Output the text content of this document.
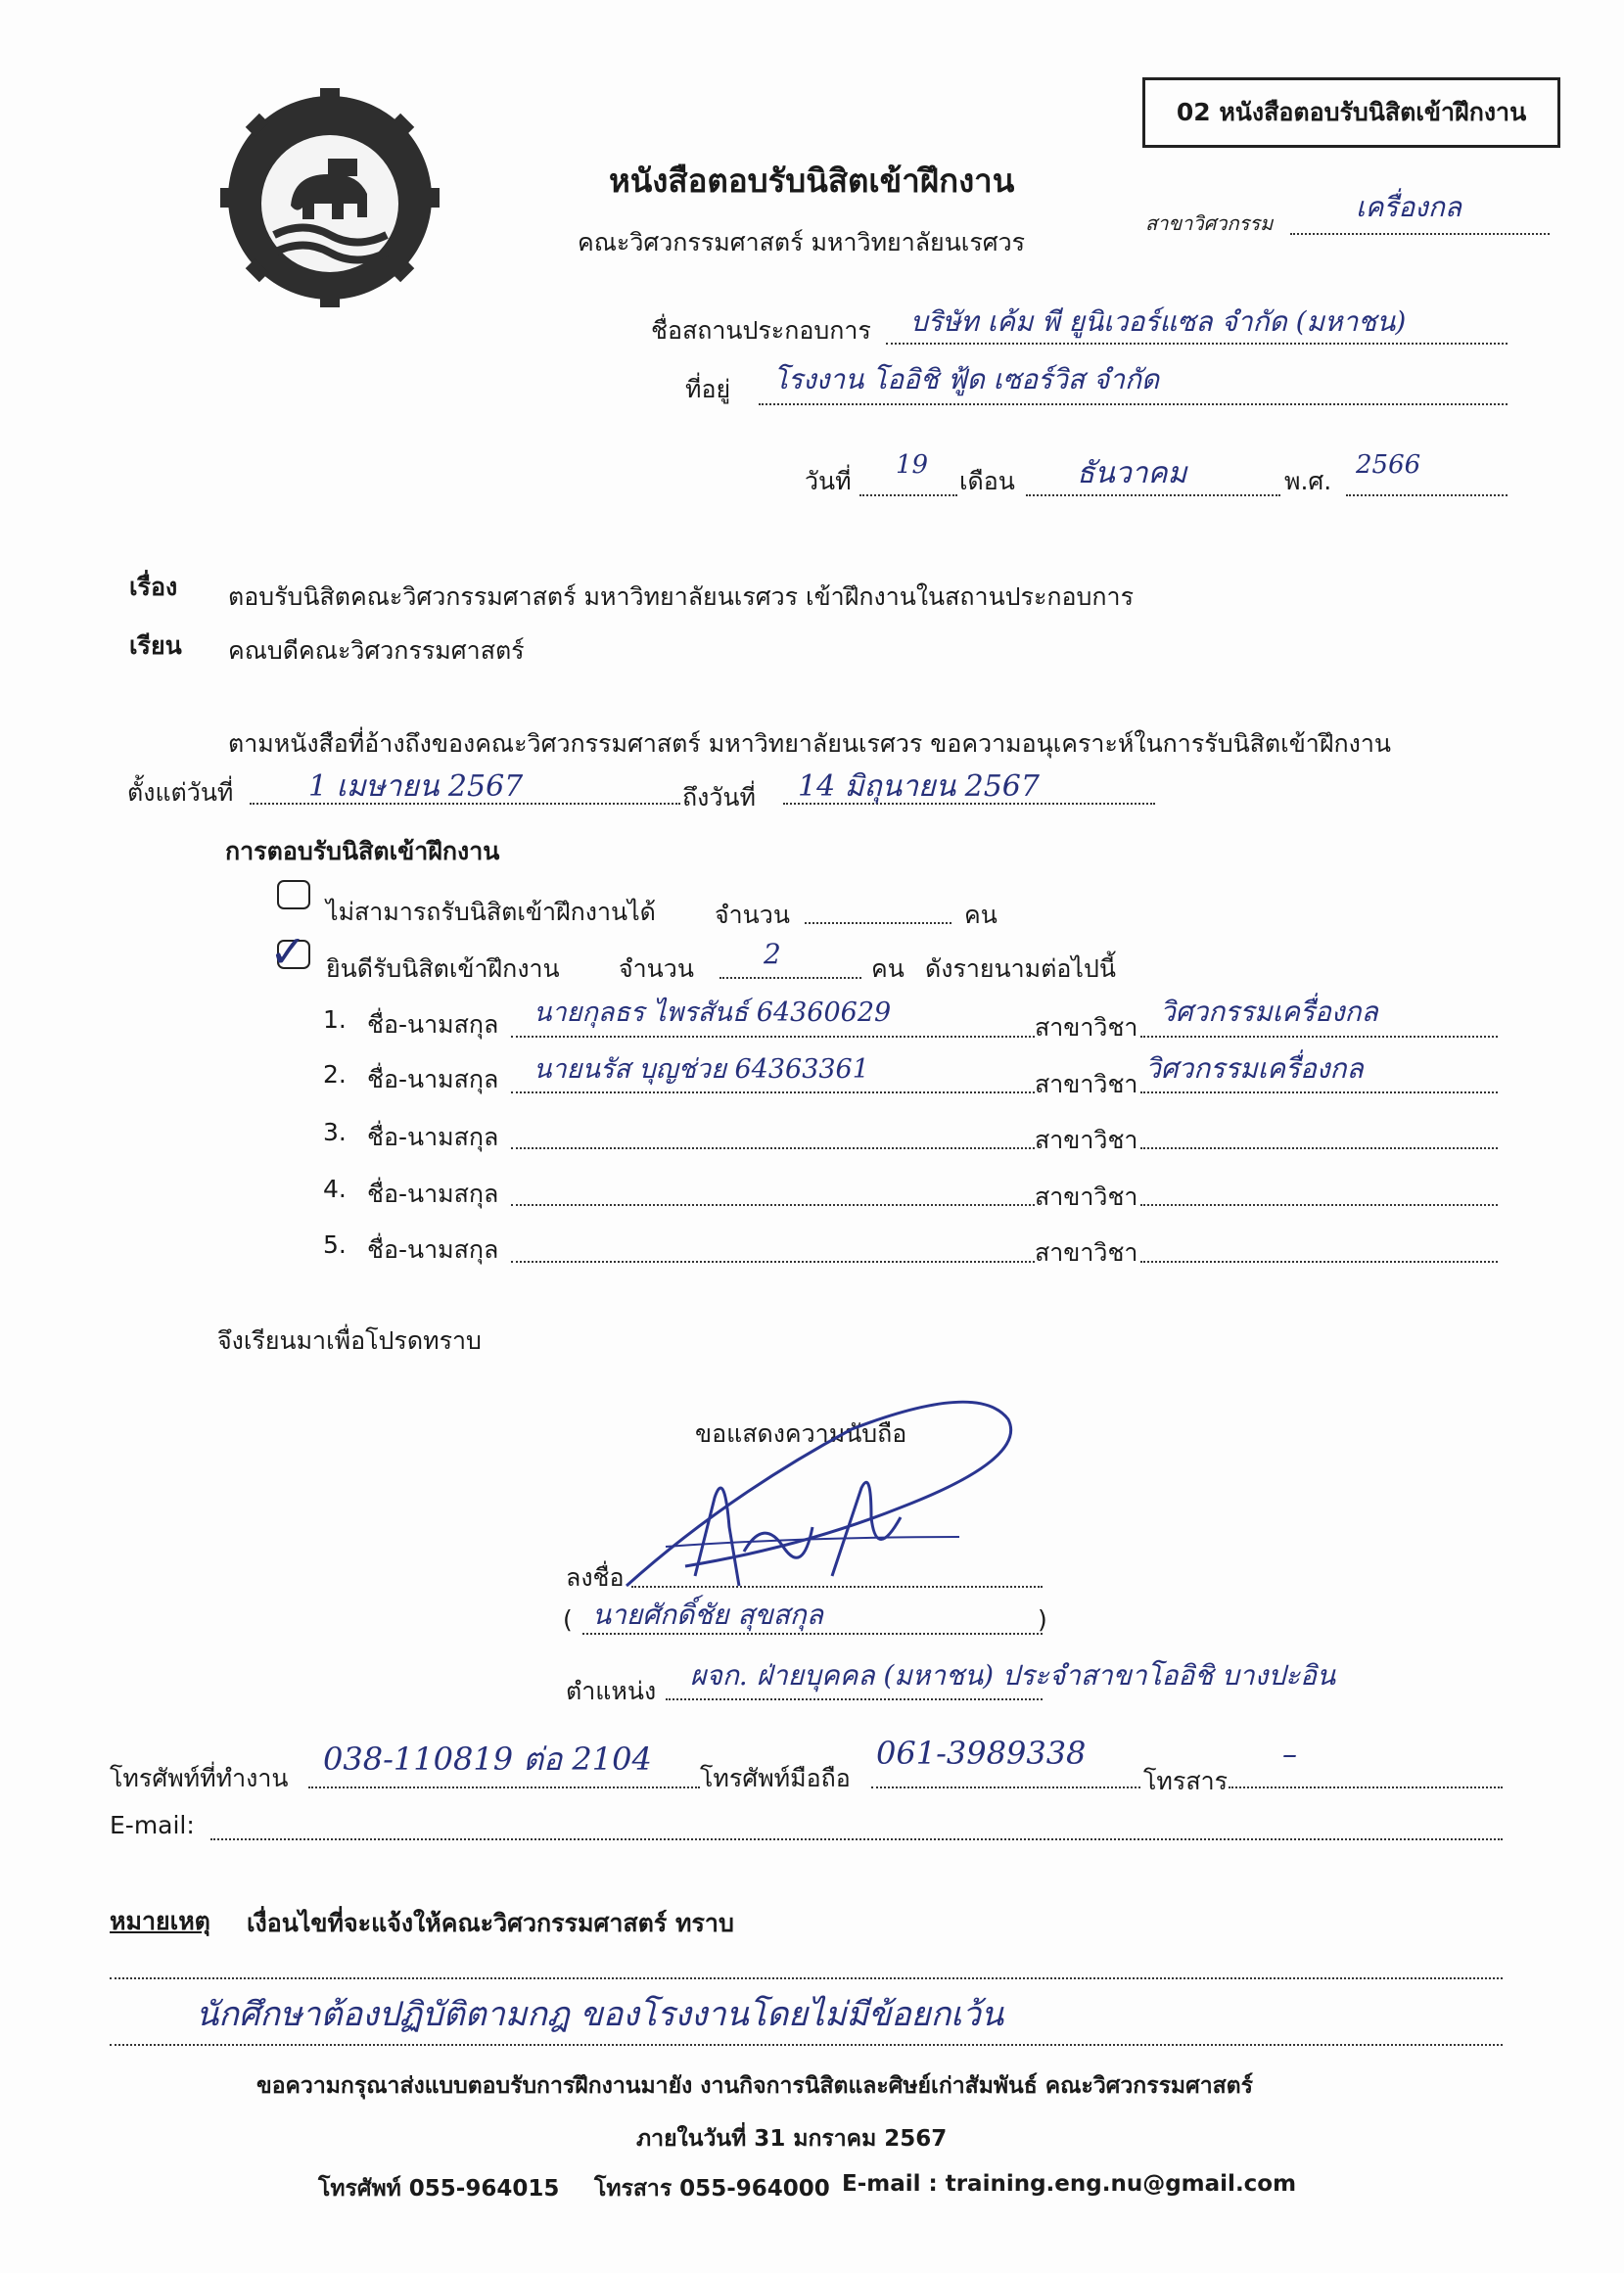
02 หนังสือตอบรับนิสิตเข้าฝึกงาน
หนังสือตอบรับนิสิตเข้าฝึกงาน
คณะวิศวกรรมศาสตร์ มหาวิทยาลัยนเรศวร
สาขาวิศวกรรม	เครื่องกล
ชื่อสถานประกอบการ บริษัท เค้ม พี ยูนิเวอร์แซล จำกัด (มหาชน)
ที่อยู่ โรงงาน โออิชิ ฟู้ด เซอร์วิส จำกัด
วันที่
19
เดือน ธันวาคม	พ.ศ.
2566
เรื่อง ตอบรับนิสิตคณะวิศวกรรมศาสตร์ มหาวิทยาลัยนเรศวร เข้าฝึกงานในสถานประกอบการ
เรียน คณบดีคณะวิศวกรรมศาสตร์
ตามหนังสือที่อ้างถึงของคณะวิศวกรรมศาสตร์ มหาวิทยาลัยนเรศวร ขอความอนุเคราะห์ในการรับนิสิตเข้าฝึกงาน
ตั้งแต่วันที่	1 เมษายน 2567	ถึงวันที่ 14 มิถุนายน 2567
การตอบรับนิสิตเข้าฝึกงาน
ไม่สามารถรับนิสิตเข้าฝึกงานได้ จำนวน	คน
✓ ยินดีรับนิสิตเข้าฝึกงาน จำนวน	2	คน ดังรายนามต่อไปนี้
1. ชื่อ-นามสกุล นายกุลธร ไพรสันธ์ 64360629	สาขาวิชา วิศวกรรมเครื่องกล
2. ชื่อ-นามสกุล นายนรัส บุญช่วย 64363361	สาขาวิชา วิศวกรรมเครื่องกล
3. ชื่อ-นามสกุล	สาขาวิชา
4. ชื่อ-นามสกุล	สาขาวิชา
5. ชื่อ-นามสกุล	สาขาวิชา
จึงเรียนมาเพื่อโปรดทราบ
ขอแสดงความนับถือ
ลงชื่อ
( นายศักดิ์ชัย สุขสกุล	)
ตำแหน่ง ผจก. ฝ่ายบุคคล (มหาชน) ประจำสาขาโออิชิ บางปะอิน
โทรศัพท์ที่ทำงาน
038-110819 ต่อ 2104
โทรศัพท์มือถือ
061-3989338
โทรสาร
–
E-mail:
หมายเหตุ เงื่อนไขที่จะแจ้งให้คณะวิศวกรรมศาสตร์ ทราบ
นักศึกษาต้องปฏิบัติตามกฎ ของโรงงานโดยไม่มีข้อยกเว้น
ขอความกรุณาส่งแบบตอบรับการฝึกงานมายัง งานกิจการนิสิตและศิษย์เก่าสัมพันธ์ คณะวิศวกรรมศาสตร์
ภายในวันที่ 31 มกราคม 2567
โทรศัพท์ 055-964015 โทรสาร 055-964000 E-mail : training.eng.nu@gmail.com
